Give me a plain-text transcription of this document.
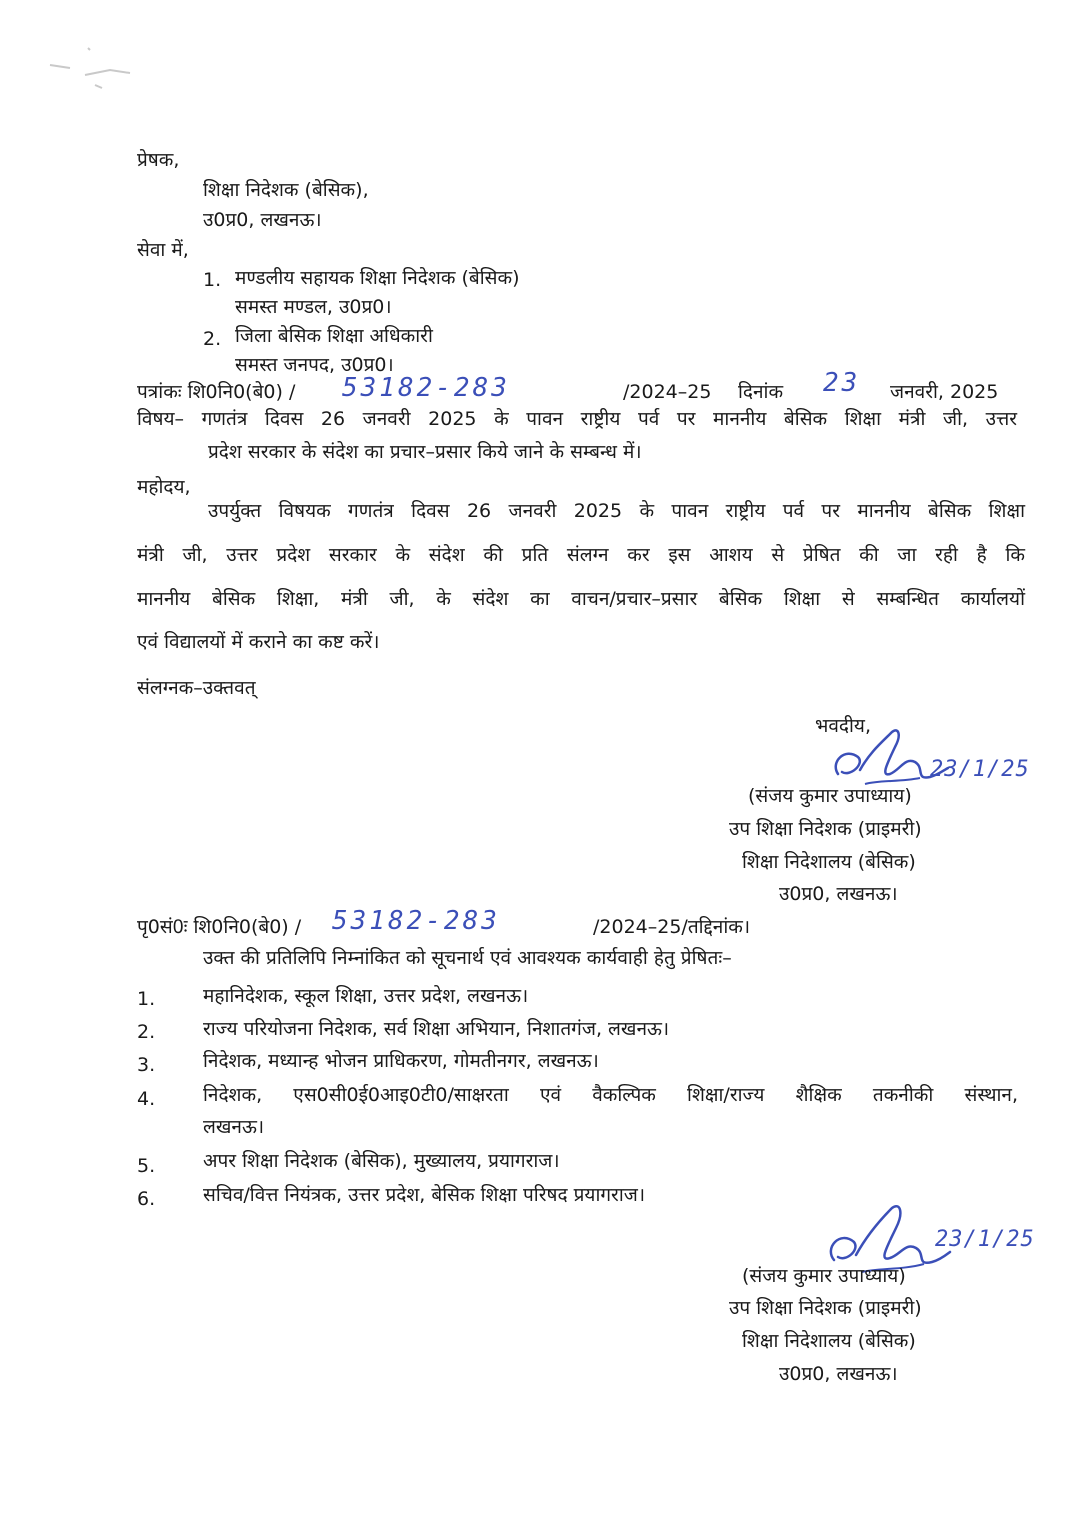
प्रेषक,
शिक्षा निदेशक (बेसिक),
उ0प्र0, लखनऊ।
सेवा में,
1. मण्डलीय सहायक शिक्षा निदेशक (बेसिक)
समस्त मण्डल, उ0प्र0।
2. जिला बेसिक शिक्षा अधिकारी
समस्त जनपद, उ0प्र0।
पत्रांकः शि0नि0(बे0) / 53182-283	/2024–25 दिनांक 23 जनवरी, 2025
विषय– गणतंत्र दिवस 26 जनवरी 2025 के पावन राष्ट्रीय पर्व पर माननीय बेसिक शिक्षा मंत्री जी, उत्तर
प्रदेश सरकार के संदेश का प्रचार–प्रसार किये जाने के सम्बन्ध में।
महोदय,
उपर्युक्त विषयक गणतंत्र दिवस 26 जनवरी 2025 के पावन राष्ट्रीय पर्व पर माननीय बेसिक शिक्षा
मंत्री जी, उत्तर प्रदेश सरकार के संदेश की प्रति संलग्न कर इस आशय से प्रेषित की जा रही है कि
माननीय बेसिक शिक्षा, मंत्री जी, के संदेश का वाचन/प्रचार–प्रसार बेसिक शिक्षा से सम्बन्धित कार्यालयों
एवं विद्यालयों में कराने का कष्ट करें।
संलग्नक–उक्तवत्
भवदीय,
(संजय कुमार उपाध्याय)
उप शिक्षा निदेशक (प्राइमरी)
शिक्षा निदेशालय (बेसिक)
उ0प्र0, लखनऊ।
23/1/25
पृ0सं0ः शि0नि0(बे0) / 53182-283	/2024–25/तद्दिनांक।
उक्त की प्रतिलिपि निम्नांकित को सूचनार्थ एवं आवश्यक कार्यवाही हेतु प्रेषितः–
1.	महानिदेशक, स्कूल शिक्षा, उत्तर प्रदेश, लखनऊ।
2.	राज्य परियोजना निदेशक, सर्व शिक्षा अभियान, निशातगंज, लखनऊ।
3.	निदेशक, मध्यान्ह भोजन प्राधिकरण, गोमतीनगर, लखनऊ।
4.	निदेशक, एस0सी0ई0आइ0टी0/साक्षरता एवं वैकल्पिक शिक्षा/राज्य शैक्षिक तकनीकी संस्थान,
लखनऊ।
5.	अपर शिक्षा निदेशक (बेसिक), मुख्यालय, प्रयागराज।
6.	सचिव/वित्त नियंत्रक, उत्तर प्रदेश, बेसिक शिक्षा परिषद प्रयागराज।
23/1/25
(संजय कुमार उपाध्याय)
उप शिक्षा निदेशक (प्राइमरी)
शिक्षा निदेशालय (बेसिक)
उ0प्र0, लखनऊ।
